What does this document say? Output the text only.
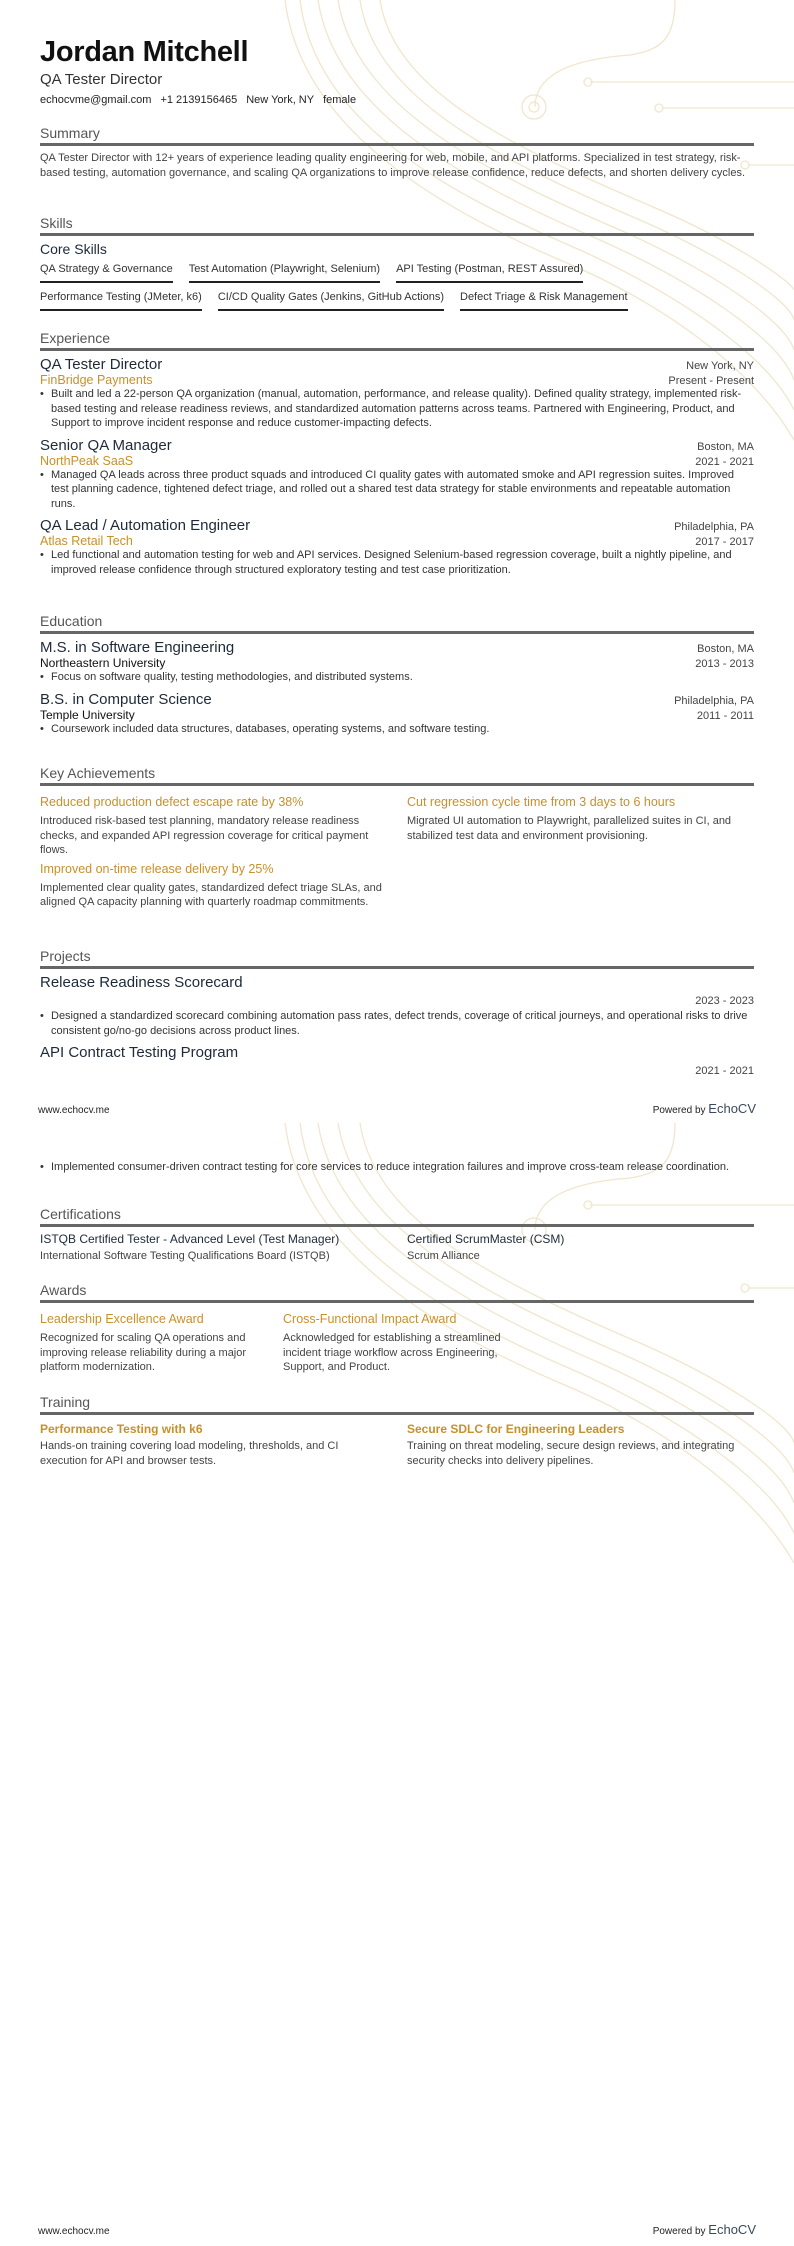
Jordan Mitchell
QA Tester Director
echocvme@gmail.com +1 2139156465 New York, NY female
Summary
QA Tester Director with 12+ years of experience leading quality engineering for web, mobile, and API platforms. Specialized in test strategy, risk-based testing, automation governance, and scaling QA organizations to improve release confidence, reduce defects, and shorten delivery cycles.
Skills
Core Skills
QA Strategy & Governance Test Automation (Playwright, Selenium) API Testing (Postman, REST Assured)
Performance Testing (JMeter, k6) CI/CD Quality Gates (Jenkins, GitHub Actions) Defect Triage & Risk Management
Experience
QA Tester Director	New York, NY
FinBridge Payments	Present - Present
• Built and led a 22-person QA organization (manual, automation, performance, and release quality). Defined quality strategy, implemented risk-based testing and release readiness reviews, and standardized automation patterns across teams. Partnered with Engineering, Product, and Support to improve incident response and reduce customer-impacting defects.
Senior QA Manager	Boston, MA
NorthPeak SaaS	2021 - 2021
• Managed QA leads across three product squads and introduced CI quality gates with automated smoke and API regression suites. Improved test planning cadence, tightened defect triage, and rolled out a shared test data strategy for stable environments and repeatable automation runs.
QA Lead / Automation Engineer	Philadelphia, PA
Atlas Retail Tech	2017 - 2017
• Led functional and automation testing for web and API services. Designed Selenium-based regression coverage, built a nightly pipeline, and improved release confidence through structured exploratory testing and test case prioritization.
Education
M.S. in Software Engineering	Boston, MA
Northeastern University	2013 - 2013
• Focus on software quality, testing methodologies, and distributed systems.
B.S. in Computer Science	Philadelphia, PA
Temple University	2011 - 2011
• Coursework included data structures, databases, operating systems, and software testing.
Key Achievements
Reduced production defect escape rate by 38%
Introduced risk-based test planning, mandatory release readiness checks, and expanded API regression coverage for critical payment flows.
Cut regression cycle time from 3 days to 6 hours
Migrated UI automation to Playwright, parallelized suites in CI, and stabilized test data and environment provisioning.
Improved on-time release delivery by 25%
Implemented clear quality gates, standardized defect triage SLAs, and aligned QA capacity planning with quarterly roadmap commitments.
Projects
Release Readiness Scorecard
2023 - 2023
• Designed a standardized scorecard combining automation pass rates, defect trends, coverage of critical journeys, and operational risks to drive consistent go/no-go decisions across product lines.
API Contract Testing Program
2021 - 2021
www.echocv.me	Powered by EchoCV
• Implemented consumer-driven contract testing for core services to reduce integration failures and improve cross-team release coordination.
Certifications
ISTQB Certified Tester - Advanced Level (Test Manager)
International Software Testing Qualifications Board (ISTQB)
Certified ScrumMaster (CSM)
Scrum Alliance
Awards
Leadership Excellence Award
Recognized for scaling QA operations and improving release reliability during a major platform modernization.
Cross-Functional Impact Award
Acknowledged for establishing a streamlined incident triage workflow across Engineering, Support, and Product.
Training
Performance Testing with k6
Hands-on training covering load modeling, thresholds, and CI execution for API and browser tests.
Secure SDLC for Engineering Leaders
Training on threat modeling, secure design reviews, and integrating security checks into delivery pipelines.
www.echocv.me	Powered by EchoCV
